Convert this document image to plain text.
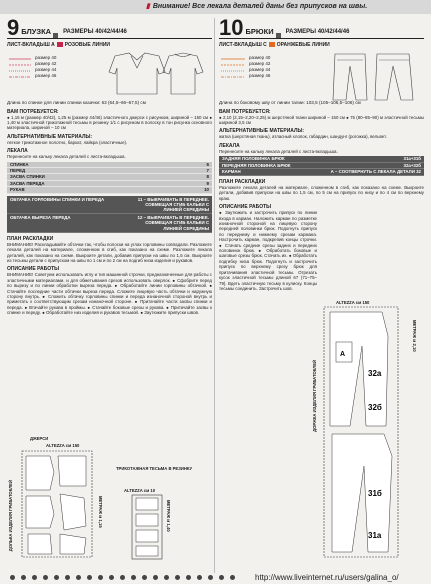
▮ Внимание! Все лекала деталей даны без припусков на швы.
9 БЛУЗКА РАЗМЕРЫ 40/42/44/46
ЛИСТ-ВКЛАДЫШ А РОЗОВЫЕ ЛИНИИ
размер 40
размер 42
размер 44
размер 46
Длина по спинке для линии спинки казачки: 63 (64,5–66–67,5) см
ВАМ ПОТРЕБУЕТСЯ:
● 1,15 м (размер 40/42), 1,25 м (размер 44/46) эластичного джерси с рисунком, шириной – 150 см ● 1,40 м эластичной трикотажной тесьмы в резинку 1/1 с рисунком в полоску в тон рисунка основного материала, шириной – 10 см
АЛЬТЕРНАТИВНЫЕ МАТЕРИАЛЫ:
легкое трикотажное полотно, бархат, лайкра (эластичные).
ЛЕКАЛА
Перенесите на кальку лекала деталей с листа-вкладыша.
СПИНКА	6
ПЕРЕД	7
ЗАСВА СПИНКИ	8
ЗАСВА ПЕРЕДА	9
РУКАВ	10
ОБТАЧКА ГОРЛОВИНЫ СПИНКИ И ПЕРЕДА	11 – ВЫКРАИВАТЬ В ПЕРЕДНЕЕ. СОВМЕЩАЯ СГИБ КАЛЬКИ С ЛИНИЕЙ СЕРЕДИНЫ
ОБТАЧКА ВЫРЕЗА ПЕРЕДА	12 – ВЫКРАИВАТЬ В ПЕРЕДНЕЕ. СОВМЕЩАЯ СГИБ КАЛЬКИ С ЛИНИЕЙ СЕРЕДИНЫ
ПЛАН РАСКЛАДКИ
ВНИМАНИЕ! Раскладывайте обтачки так, чтобы полоски на углах горловины совпадали. Разложите лекала деталей на материале, сложенном в сгиб, как показано на схеме. Разложите лекала деталей, как показано на схеме. Выкроите детали, добавив припуски на швы по 1,5 см. Выкроите из тесьмы детали с припуском на швы по 1 см и по 2 см на подгиб низа изделия и рукавов.
ОПИСАНИЕ РАБОТЫ
ВНИМАНИЕ! Советуем использовать иглу и тип машинной строчки, предназначенные для работы с эластичными материалами, и для обметывания срезов использовать оверлок. ● Сфобрите перед по вырезу и по линии обработки выреза переда. ● Обработайте линии горловины обтачкой. ● Стачайте последние части обтачки выреза переда. Сложите лицевую часть обтачки и наружную сторону внутрь. ● Сложить обтачку горловины спинки и переда изнаночной стороной внутрь и приметать к соответствующим срезам изнаночной стороне. ● Притачайте части засвы спинки и переда. ● Втачайте рукава в проймы. ● Стачайте боковые срезы и рукава. ● Притачайте засвы к спинке и переду. ● Обработайте низ изделия и рукавов тесьмой. ● Заутюжите припуски швов.
ДЖЕРСИ
ALTEZZA см 150
ДОЛЬКА ИЗДЕЛИЯ ГРИБАТОКЛЕЙ	МЕТРАЖ м 1,15
ТРИКОТАЖНАЯ ТЕСЬМА В РЕЗИНКУ
ALTEZZA см 10
МЕТРАЖ м 1,40
10 БРЮКИ РАЗМЕРЫ 40/42/44/46
ЛИСТ-ВКЛАДЫШ С ОРАНЖЕВЫЕ ЛИНИИ
размер 40
размер 42
размер 44
размер 46
Длина по боковому шву от линии талии: 103,5 (105–106,5–108) см
ВАМ ПОТРЕБУЕТСЯ:
● 2,10 (2,15–2,20–2,25) м шерстяной ткани шириной – 150 см ● 75 (80–85–90) м эластичной тесьмы шириной 3,5 см
АЛЬТЕРНАТИВНЫЕ МАТЕРИАЛЫ:
жатка (шерстяная ткань), атласный хлопок, габардин, шандунг (рогожка), вельвет.
ЛЕКАЛА
Перенесите на кальку лекала деталей с листа-вкладыша.
ЗАДНЯЯ ПОЛОВИНКА БРЮК	31а+31б
ПЕРЕДНЯЯ ПОЛОВИНКА БРЮК	32а+32б
КАРМАН	А – СООТВЕРНУТЬ С ЛЕКАЛА ДЕТАЛИ 32
ПЛАН РАСКЛАДКИ
Разложите лекала деталей на материале, сложенном в сгиб, как показано на схеме. Выкроите детали, добавив припуски на швы по 1,5 см, по 5 см на припуск по низу и по 4 см по верхнему краю.
ОПИСАНИЕ РАБОТЫ
● Заутюжить и застрочить припуск по линии входа в карман. Наложить карман по разметке изнаночной стороной на лицевую сторону передней половинки брюк. Подогнуть припуск по переднему и нижнему срезам кармана. Настрочить карман, подкрепив концы строчки. ● Стачать средние срезы задних и передних половинок брюк. ● Обработать боковые и шаговые срезы брюк. Стачать их. ● Обработать подгибку низа брюк. Подогнуть и застрочить припуск по верхнему срезу брюк для притачивания эластичной тесьмы. Отрезать кусок эластичной тесьмы длиной 67 (71–75–79). Вдеть эластичную тесьму в кулиску. Концы тесьмы соединить. Застрочить шов.
ALTEZZA см 150
32а
32б
31б
31а
А
ДОРЖКА ИЗДЕЛИЯ ГРИБАТОКЛЕЙ
МЕТРАЖ м 2,10
http://www.liveinternet.ru/users/galina_o/
